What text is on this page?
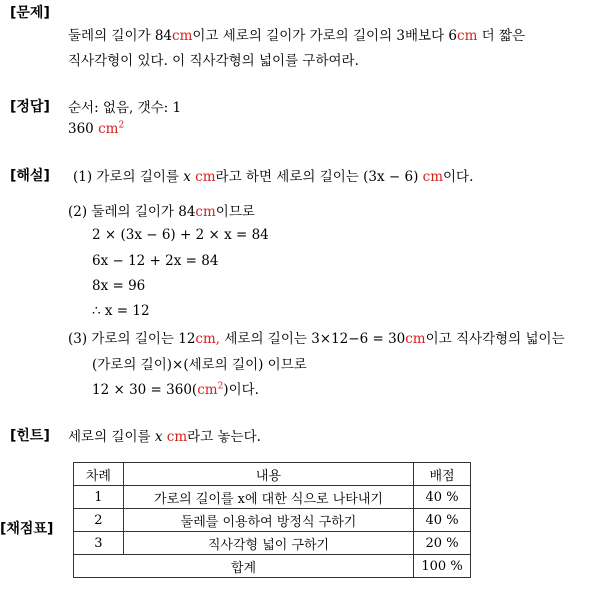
[문제]
둘레의 길이가 84cm이고 세로의 길이가 가로의 길이의 3배보다 6cm 더 짧은
직사각형이 있다. 이 직사각형의 넓이를 구하여라.
[정답] 순서: 없음, 갯수: 1
360 $cm^2$
[해설] (1) 가로의 길이를 x cm라고 하면 세로의 길이는 (3x − 6) cm이다.
(2) 둘레의 길이가 84cm이므로
2 × (3x − 6) + 2 × x = 84
6x − 12 + 2x = 84
8x = 96
∴ x = 12
(3) 가로의 길이는 12cm, 세로의 길이는 3×12−6 = 30cm이고 직사각형의 넓이는
(가로의 길이)×(세로의 길이) 이므로
$12 \times 30 = 360(cm^2)$이다.
[힌트] 세로의 길이를 x cm라고 놓는다.
[채점표]
차례	내용	배점
1	가로의 길이를 x에 대한 식으로 나타내기	40 %
2	둘레를 이용하여 방정식 구하기	40 %
3	직사각형 넓이 구하기	20 %
합계		100 %
